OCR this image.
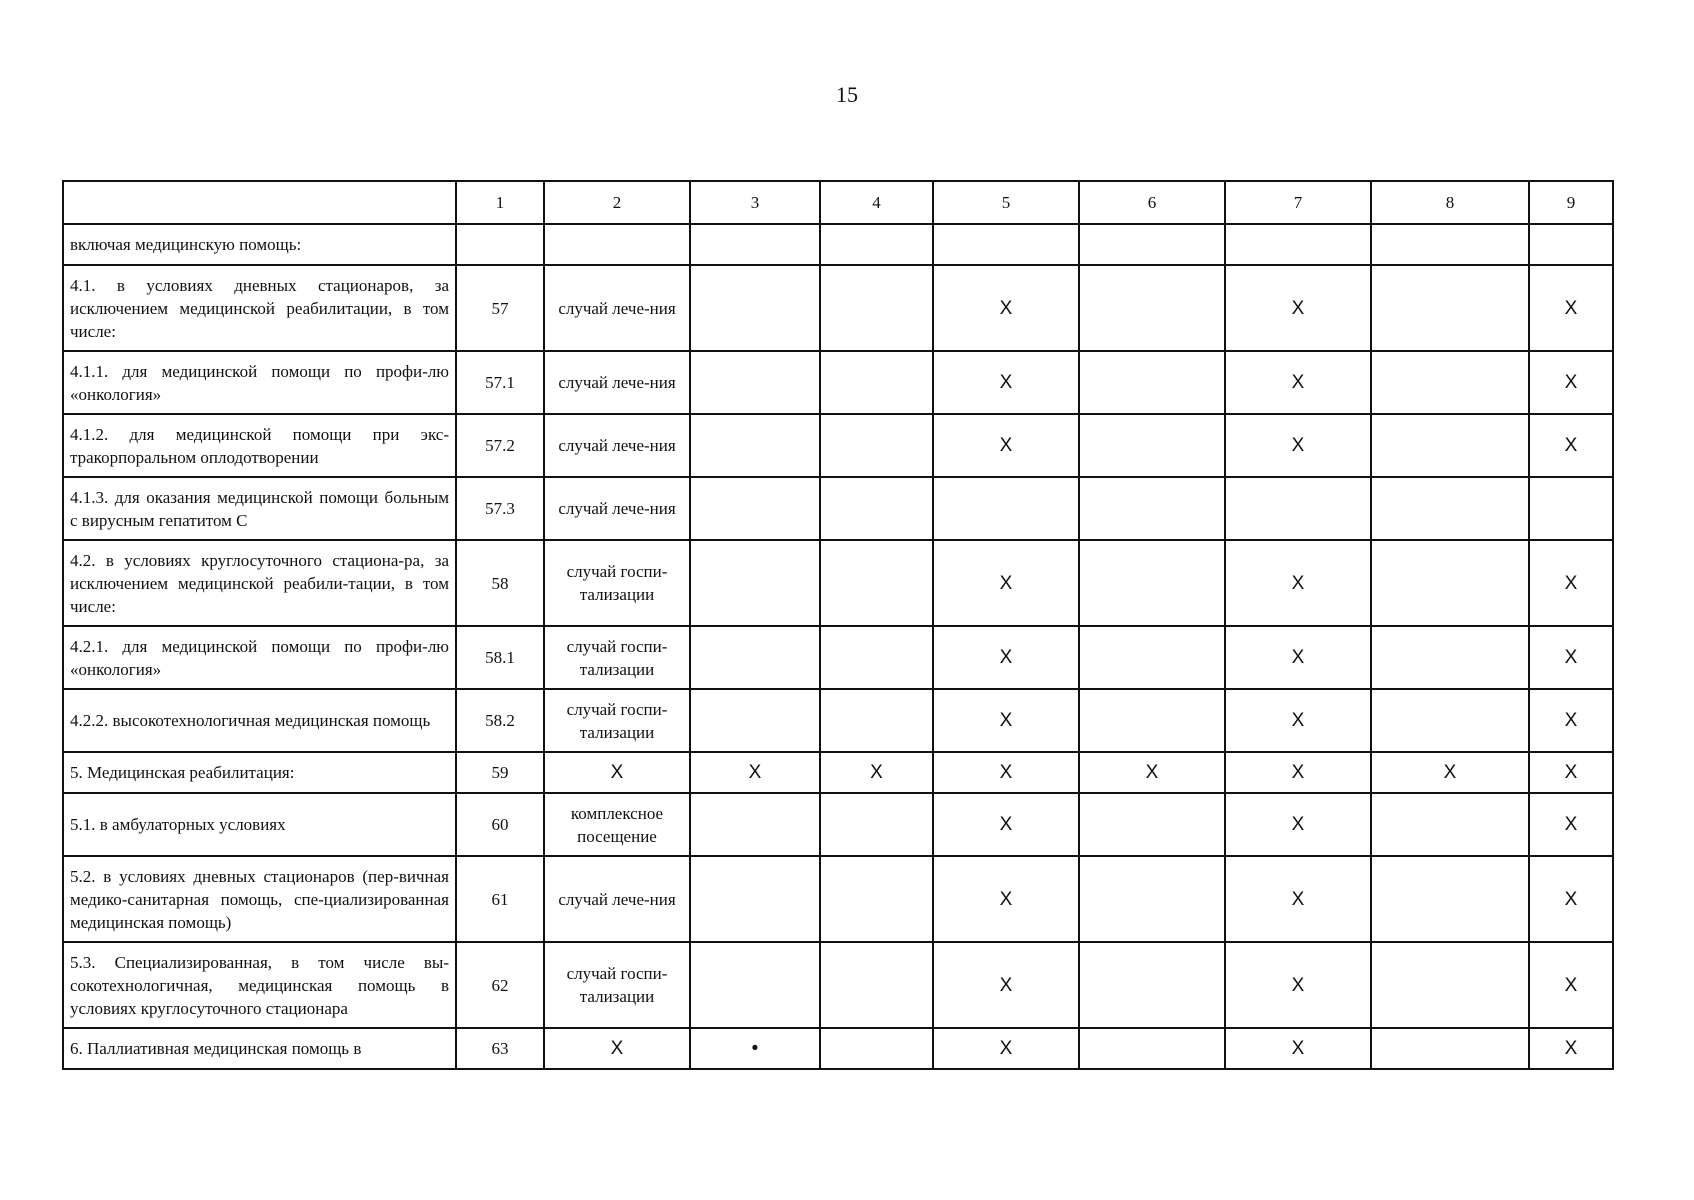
15
	1	2	3	4	5	6	7	8	9
включая медицинскую помощь:									
4.1. в условиях дневных стационаров, за исключением медицинской реабилитации, в том числе:	57	случай лече-ния			X		X		X
4.1.1. для медицинской помощи по профи-лю «онкология»	57.1	случай лече-ния			X		X		X
4.1.2. для медицинской помощи при экс-тракорпоральном оплодотворении	57.2	случай лече-ния			X		X		X
4.1.3. для оказания медицинской помощи больным с вирусным гепатитом С	57.3	случай лече-ния							
4.2. в условиях круглосуточного стациона-ра, за исключением медицинской реабили-тации, в том числе:	58	случай госпи-тализации			X		X		X
4.2.1. для медицинской помощи по профи-лю «онкология»	58.1	случай госпи-тализации			X		X		X
4.2.2. высокотехнологичная медицинская помощь	58.2	случай госпи-тализации			X		X		X
5. Медицинская реабилитация:	59	X	X	X	X	X	X	X	X
5.1. в амбулаторных условиях	60	комплексное посещение			X		X		X
5.2. в условиях дневных стационаров (пер-вичная медико-санитарная помощь, спе-циализированная медицинская помощь)	61	случай лече-ния			X		X		X
5.3. Специализированная, в том числе вы-сокотехнологичная, медицинская помощь в условиях круглосуточного стационара	62	случай госпи-тализации			X		X		X
6. Паллиативная медицинская помощь в	63	X	•		X		X		X
